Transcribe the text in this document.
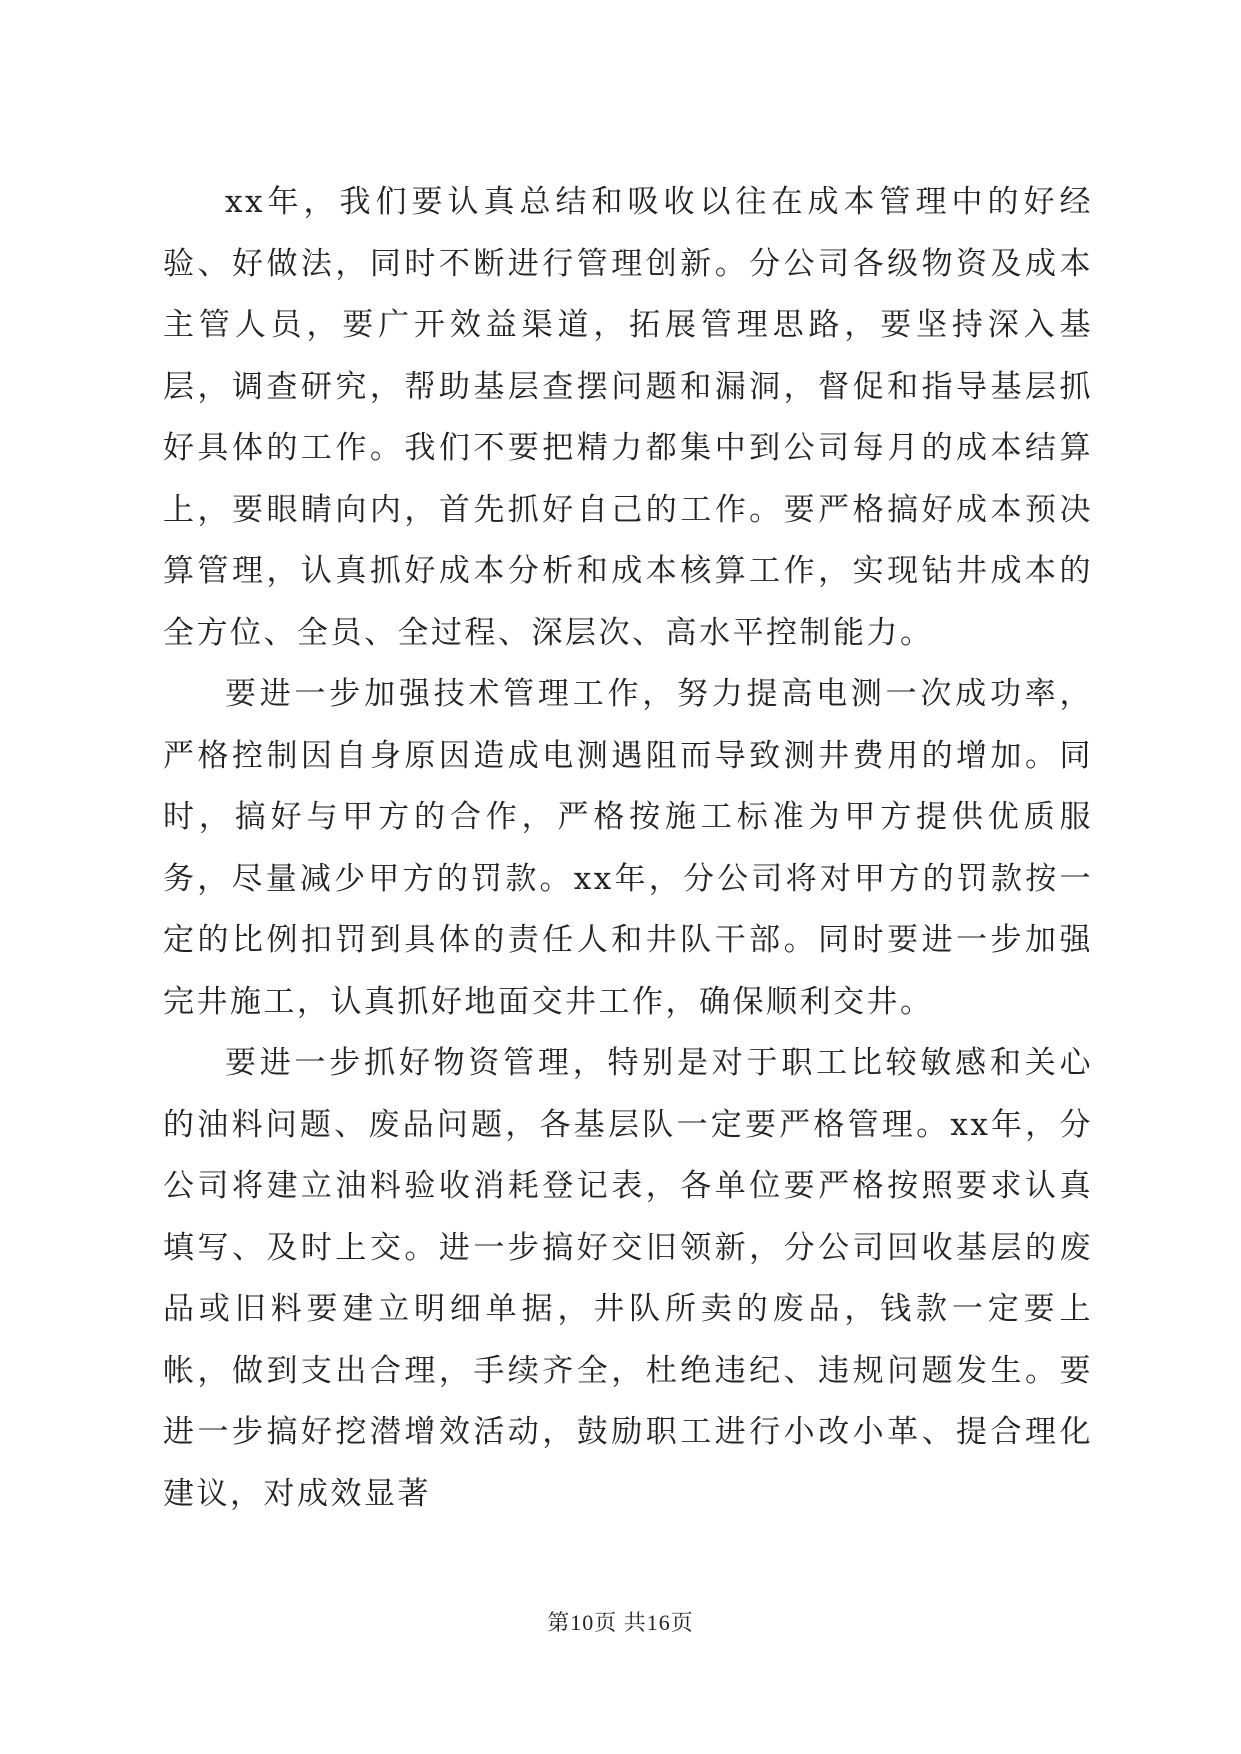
xx年，我们要认真总结和吸收以往在成本管理中的好经验、好做法，同时不断进行管理创新。分公司各级物资及成本主管人员，要广开效益渠道，拓展管理思路，要坚持深入基层，调查研究，帮助基层查摆问题和漏洞，督促和指导基层抓好具体的工作。我们不要把精力都集中到公司每月的成本结算上，要眼睛向内，首先抓好自己的工作。要严格搞好成本预决算管理，认真抓好成本分析和成本核算工作，实现钻井成本的全方位、全员、全过程、深层次、高水平控制能力。

要进一步加强技术管理工作，努力提高电测一次成功率，严格控制因自身原因造成电测遇阻而导致测井费用的增加。同时，搞好与甲方的合作，严格按施工标准为甲方提供优质服务，尽量减少甲方的罚款。xx年，分公司将对甲方的罚款按一定的比例扣罚到具体的责任人和井队干部。同时要进一步加强完井施工，认真抓好地面交井工作，确保顺利交井。

要进一步抓好物资管理，特别是对于职工比较敏感和关心的油料问题、废品问题，各基层队一定要严格管理。xx年，分公司将建立油料验收消耗登记表，各单位要严格按照要求认真填写、及时上交。进一步搞好交旧领新，分公司回收基层的废品或旧料要建立明细单据，井队所卖的废品，钱款一定要上帐，做到支出合理，手续齐全，杜绝违纪、违规问题发生。要进一步搞好挖潜增效活动，鼓励职工进行小改小革、提合理化建议，对成效显著

第10页 共16页
